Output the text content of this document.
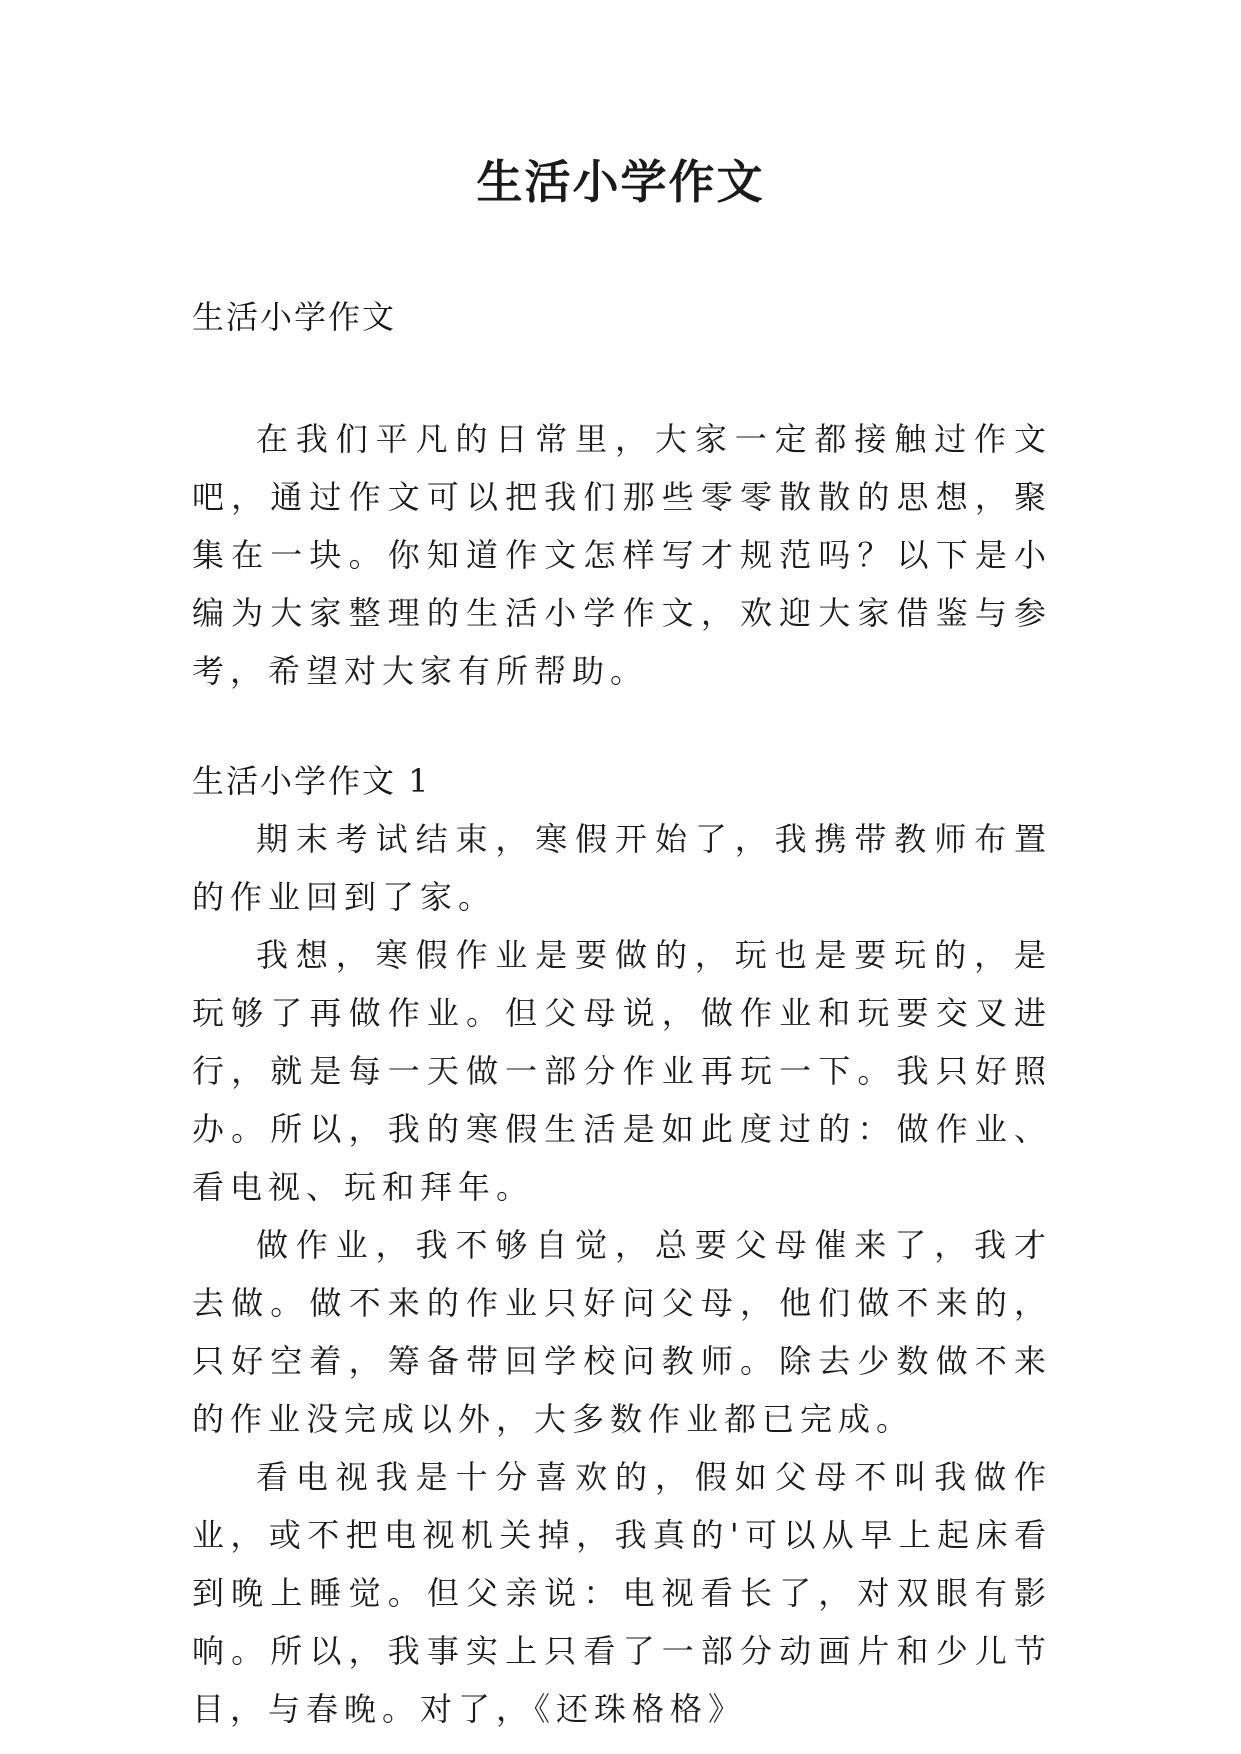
生活小学作文

生活小学作文

在我们平凡的日常里，大家一定都接触过作文吧，通过作文可以把我们那些零零散散的思想，聚集在一块。你知道作文怎样写才规范吗？以下是小编为大家整理的生活小学作文，欢迎大家借鉴与参考，希望对大家有所帮助。

生活小学作文 1

期末考试结束，寒假开始了，我携带教师布置的作业回到了家。

我想，寒假作业是要做的，玩也是要玩的，是玩够了再做作业。但父母说，做作业和玩要交叉进行，就是每一天做一部分作业再玩一下。我只好照办。所以，我的寒假生活是如此度过的：做作业、看电视、玩和拜年。

做作业，我不够自觉，总要父母催来了，我才去做。做不来的作业只好问父母，他们做不来的，只好空着，筹备带回学校问教师。除去少数做不来的作业没完成以外，大多数作业都已完成。

看电视我是十分喜欢的，假如父母不叫我做作业，或不把电视机关掉，我真的'可以从早上起床看到晚上睡觉。但父亲说：电视看长了，对双眼有影响。所以，我事实上只看了一部分动画片和少儿节目，与春晚。对了，《还珠格格》
